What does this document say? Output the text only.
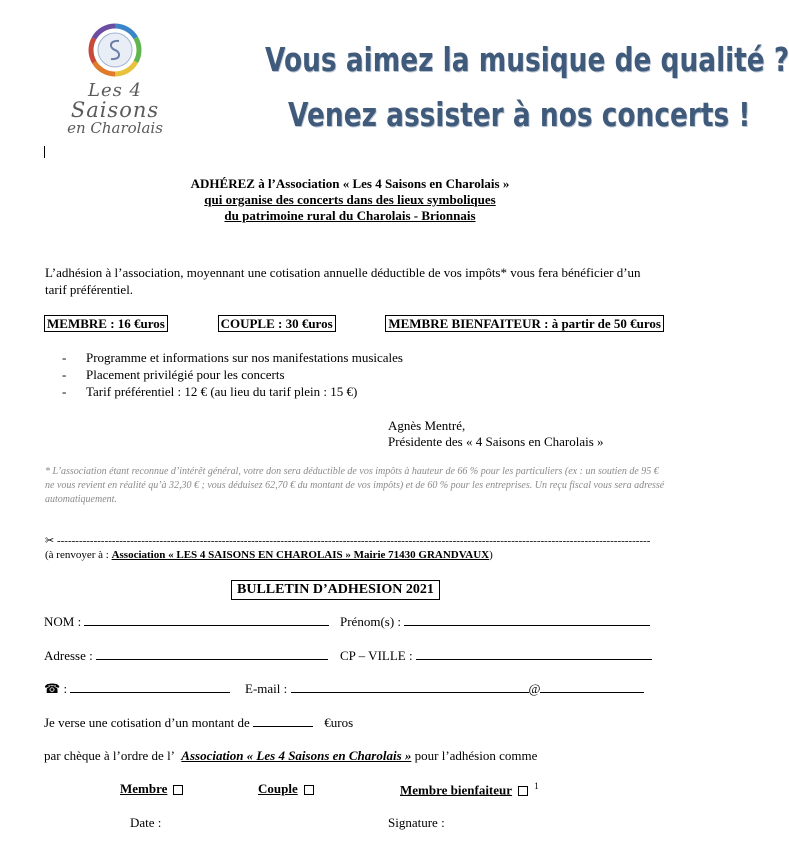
Les 4
Saisons
en Charolais
Vous aimez la musique de qualité ?
Venez assister à nos concerts !
ADHÉREZ à l’Association « Les 4 Saisons en Charolais »
qui organise des concerts dans des lieux symboliques
du patrimoine rural du Charolais - Brionnais
L’adhésion à l’association, moyennant une cotisation annuelle déductible de vos impôts* vous fera bénéficier d’un tarif préférentiel.
MEMBRE : 16 €uros	COUPLE : 30 €uros	MEMBRE BIENFAITEUR : à partir de 50 €uros
- Programme et informations sur nos manifestations musicales
- Placement privilégié pour les concerts
- Tarif préférentiel : 12 € (au lieu du tarif plein : 15 €)
Agnès Mentré,
Présidente des « 4 Saisons en Charolais »
* L’association étant reconnue d’intérêt général, votre don sera déductible de vos impôts à hauteur de 66 % pour les particuliers (ex : un soutien de 95 € ne vous revient en réalité qu’à 32,30 € ; vous déduisez 62,70 € du montant de vos impôts) et de 60 % pour les entreprises. Un reçu fiscal vous sera adressé automatiquement.
✂ ------------------------------------------------------------------------------------------------------------------------------------------------------------------
(à renvoyer à : Association « LES 4 SAISONS EN CHAROLAIS » Mairie 71430 GRANDVAUX)
BULLETIN D’ADHESION 2021
NOM :	Prénom(s) :
Adresse :	CP – VILLE :
☎ :	E-mail :	@
Je verse une cotisation d’un montant de	€uros
par chèque à l’ordre de l’ Association « Les 4 Saisons en Charolais » pour l’adhésion comme
Membre	Couple	Membre bienfaiteur $^1$
Date :	Signature :
